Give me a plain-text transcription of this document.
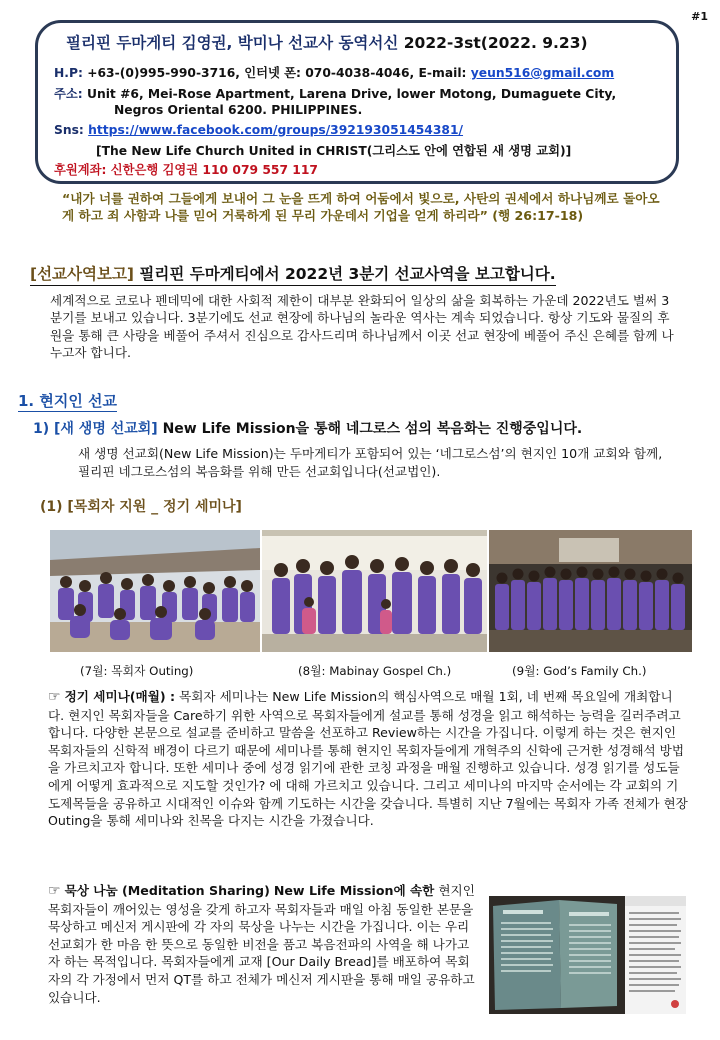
#1
필리핀 두마게티 김영권, 박미나 선교사 동역서신 2022-3st(2022. 9.23)
H.P: +63-(0)995-990-3716, 인터넷 폰: 070-4038-4046, E-mail: yeun516@gmail.com
주소: Unit #6, Mei-Rose Apartment, Larena Drive, lower Motong, Dumaguete City,
Negros Oriental 6200. PHILIPPINES.
Sns: https://www.facebook.com/groups/392193051454381/
[The New Life Church United in CHRIST(그리스도 안에 연합된 새 생명 교회)]
후원계좌: 신한은행 김영권 110 079 557 117
“내가 너를 권하여 그들에게 보내어 그 눈을 뜨게 하여 어둠에서 빛으로, 사탄의 권세에서 하나님께로 돌아오게 하고 죄 사함과 나를 믿어 거룩하게 된 무리 가운데서 기업을 얻게 하리라” (행 26:17-18)
[선교사역보고] 필리핀 두마게티에서 2022년 3분기 선교사역을 보고합니다.
세계적으로 코로나 펜데믹에 대한 사회적 제한이 대부분 완화되어 일상의 삶을 회복하는 가운데 2022년도 벌써 3분기를 보내고 있습니다. 3분기에도 선교 현장에 하나님의 놀라운 역사는 계속 되었습니다. 항상 기도와 물질의 후원을 통해 큰 사랑을 베풀어 주셔서 진심으로 감사드리며 하나님께서 이곳 선교 현장에 베풀어 주신 은혜를 함께 나누고자 합니다.
1. 현지인 선교
1) [새 생명 선교회] New Life Mission을 통해 네그로스 섬의 복음화는 진행중입니다.
새 생명 선교회(New Life Mission)는 두마게티가 포함되어 있는 ‘네그로스섬’의 현지인 10개 교회와 함께, 필리핀 네그로스섬의 복음화를 위해 만든 선교회입니다(선교법인).
(1) [목회자 지원 _ 정기 세미나]
(7월: 목회자 Outing)	(8월: Mabinay Gospel Ch.)	(9월: God’s Family Ch.)
☞ 정기 세미나(매월) : 목회자 세미나는 New Life Mission의 핵심사역으로 매월 1회, 네 번째 목요일에 개최합니다. 현지인 목회자들을 Care하기 위한 사역으로 목회자들에게 설교를 통해 성경을 읽고 해석하는 능력을 길러주려고 합니다. 다양한 본문으로 설교를 준비하고 말씀을 선포하고 Review하는 시간을 가집니다. 이렇게 하는 것은 현지인 목회자들의 신학적 배경이 다르기 때문에 세미나를 통해 현지인 목회자들에게 개혁주의 신학에 근거한 성경해석 방법을 가르치고자 합니다. 또한 세미나 중에 성경 읽기에 관한 코칭 과정을 매월 진행하고 있습니다. 성경 읽기를 성도들에게 어떻게 효과적으로 지도할 것인가? 에 대해 가르치고 있습니다. 그리고 세미나의 마지막 순서에는 각 교회의 기도제목들을 공유하고 시대적인 이슈와 함께 기도하는 시간을 갖습니다. 특별히 지난 7월에는 목회자 가족 전체가 현장 Outing을 통해 세미나와 친목을 다지는 시간을 가졌습니다.
☞ 묵상 나눔 (Meditation Sharing) New Life Mission에 속한 현지인 목회자들이 깨어있는 영성을 갖게 하고자 목회자들과 매일 아침 동일한 본문을 묵상하고 메신저 게시판에 각 자의 묵상을 나누는 시간을 가집니다. 이는 우리 선교회가 한 마음 한 뜻으로 동일한 비전을 품고 복음전파의 사역을 해 나가고자 하는 목적입니다. 목회자들에게 교재 [Our Daily Bread]를 배포하여 목회자의 각 가정에서 먼저 QT를 하고 전체가 메신저 게시판을 통해 매일 공유하고 있습니다.
